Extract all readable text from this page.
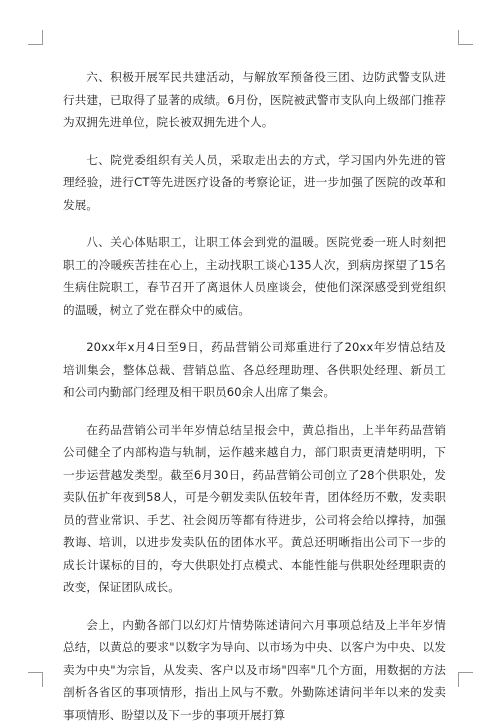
六、积极开展军民共建活动，与解放军预备役三团、边防武警支队进行共建，已取得了显著的成绩。6月份，医院被武警市支队向上级部门推荐为双拥先进单位，院长被双拥先进个人。

七、院党委组织有关人员，采取走出去的方式，学习国内外先进的管理经验，进行CT等先进医疗设备的考察论证，进一步加强了医院的改革和发展。

八、关心体贴职工，让职工体会到党的温暖。医院党委一班人时刻把职工的冷暖疾苦挂在心上，主动找职工谈心135人次，到病房探望了15名生病住院职工，春节召开了离退休人员座谈会，使他们深深感受到党组织的温暖，树立了党在群众中的威信。

20xx年x月4日至9日，药品营销公司郑重进行了20xx年岁情总结及培训集会，整体总裁、营销总监、各总经理助理、各供职处经理、新员工和公司内勤部门经理及相干职员60余人出席了集会。

在药品营销公司半年岁情总结呈报会中，黄总指出，上半年药品营销公司健全了内部构造与轨制，运作越来越自力，部门职责更清楚明明，下一步运营越发类型。截至6月30日，药品营销公司创立了28个供职处，发卖队伍扩年夜到58人，可是今朝发卖队伍较年青，团体经历不敷，发卖职员的营业常识、手艺、社会阅历等都有待进步，公司将会给以撑持，加强教诲、培训，以进步发卖队伍的团体水平。黄总还明晰指出公司下一步的成长计谋标的目的，夸大供职处打点模式、本能性能与供职处经理职责的改变，保证团队成长。

会上，内勤各部门以幻灯片情势陈述请问六月事项总结及上半年岁情总结，以黄总的要求"以数字为导向、以市场为中央、以客户为中央、以发卖为中央"为宗旨，从发卖、客户以及市场"四率"几个方面，用数据的方法剖析各省区的事项情形，指出上风与不敷。外勤陈述请问半年以来的发卖事项情形、盼望以及下一步的事项开展打算
